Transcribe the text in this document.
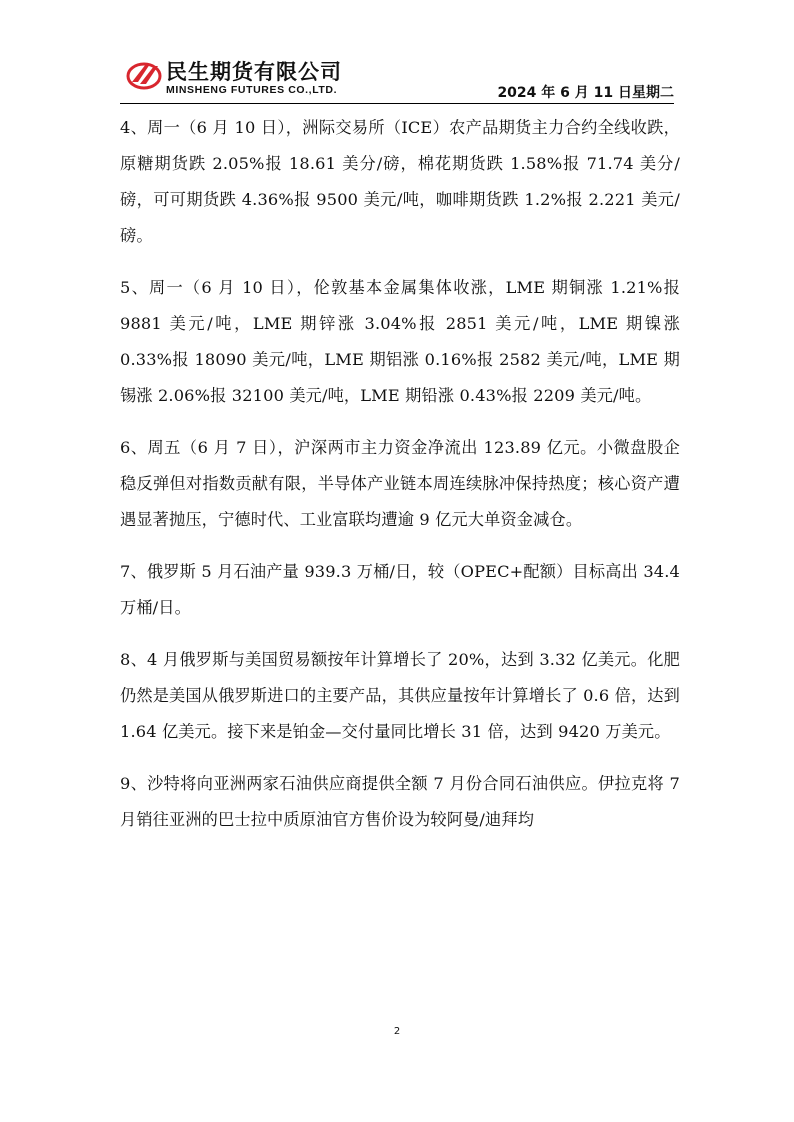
民生期货有限公司
MINSHENG FUTURES CO.,LTD.	2024 年 6 月 11 日星期二

4、周一（6 月 10 日），洲际交易所（ICE）农产品期货主力合约全线收跌，原糖期货跌 2.05%报 18.61 美分/磅，棉花期货跌 1.58%报 71.74 美分/磅，可可期货跌 4.36%报 9500 美元/吨，咖啡期货跌 1.2%报 2.221 美元/磅。

5、周一（6 月 10 日），伦敦基本金属集体收涨，LME 期铜涨 1.21%报 9881 美元/吨，LME 期锌涨 3.04%报 2851 美元/吨，LME 期镍涨 0.33%报 18090 美元/吨，LME 期铝涨 0.16%报 2582 美元/吨，LME 期锡涨 2.06%报 32100 美元/吨，LME 期铅涨 0.43%报 2209 美元/吨。

6、周五（6 月 7 日），沪深两市主力资金净流出 123.89 亿元。小微盘股企稳反弹但对指数贡献有限，半导体产业链本周连续脉冲保持热度；核心资产遭遇显著抛压，宁德时代、工业富联均遭逾 9 亿元大单资金减仓。

7、俄罗斯 5 月石油产量 939.3 万桶/日，较（OPEC+配额）目标高出 34.4 万桶/日。

8、4 月俄罗斯与美国贸易额按年计算增长了 20%，达到 3.32 亿美元。化肥仍然是美国从俄罗斯进口的主要产品，其供应量按年计算增长了 0.6 倍，达到 1.64 亿美元。接下来是铂金—交付量同比增长 31 倍，达到 9420 万美元。

9、沙特将向亚洲两家石油供应商提供全额 7 月份合同石油供应。伊拉克将 7 月销往亚洲的巴士拉中质原油官方售价设为较阿曼/迪拜均

2
